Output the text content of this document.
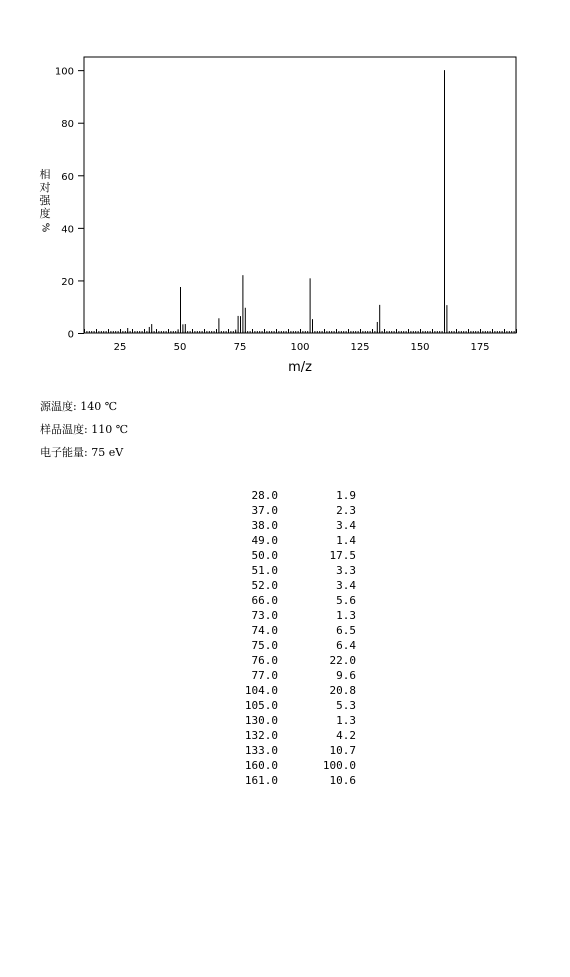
25	50	75	100	125	150	175
0
20
40
60
80
100
m/z
相
对
强
度
%
源温度: 140 ℃
样品温度: 110 ℃
电子能量: 75 eV
28.0	1.9
37.0	2.3
38.0	3.4
49.0	1.4
50.0	17.5
51.0	3.3
52.0	3.4
66.0	5.6
73.0	1.3
74.0	6.5
75.0	6.4
76.0	22.0
77.0	9.6
104.0	20.8
105.0	5.3
130.0	1.3
132.0	4.2
133.0	10.7
160.0	100.0
161.0	10.6
